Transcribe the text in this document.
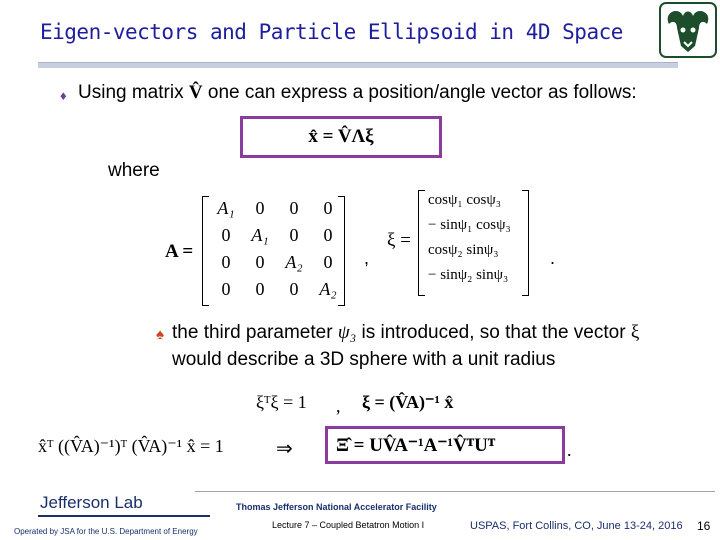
Eigen-vectors and Particle Ellipsoid in 4D Space
♦ Using matrix V̂ one can express a position/angle vector as follows:
x̂ = V̂Λξ
where
A =
A₁	0	0	0
0	A₁	0	0
0	0	A₂	0
0	0	0	A₂
,
ξ =
cosψ₁ cosψ₃
− sinψ₁ cosψ₃
cosψ₂ sinψ₃
− sinψ₂ sinψ₃
.
♠ the third parameter ψ₃ is introduced, so that the vector ξ
would describe a 3D sphere with a unit radius
ξᵀξ = 1 , ξ = (V̂A)⁻¹ x̂
x̂ᵀ ((V̂A)⁻¹)ᵀ (V̂A)⁻¹ x̂ = 1	⇒ Ξ̂ = UV̂A⁻¹A⁻¹V̂ᵀUᵀ	.
Jefferson Lab	Thomas Jefferson National Accelerator Facility
Operated by JSA for the U.S. Department of Energy
Lecture 7 – Coupled Betatron Motion I	USPAS, Fort Collins, CO, June 13-24, 2016 16
